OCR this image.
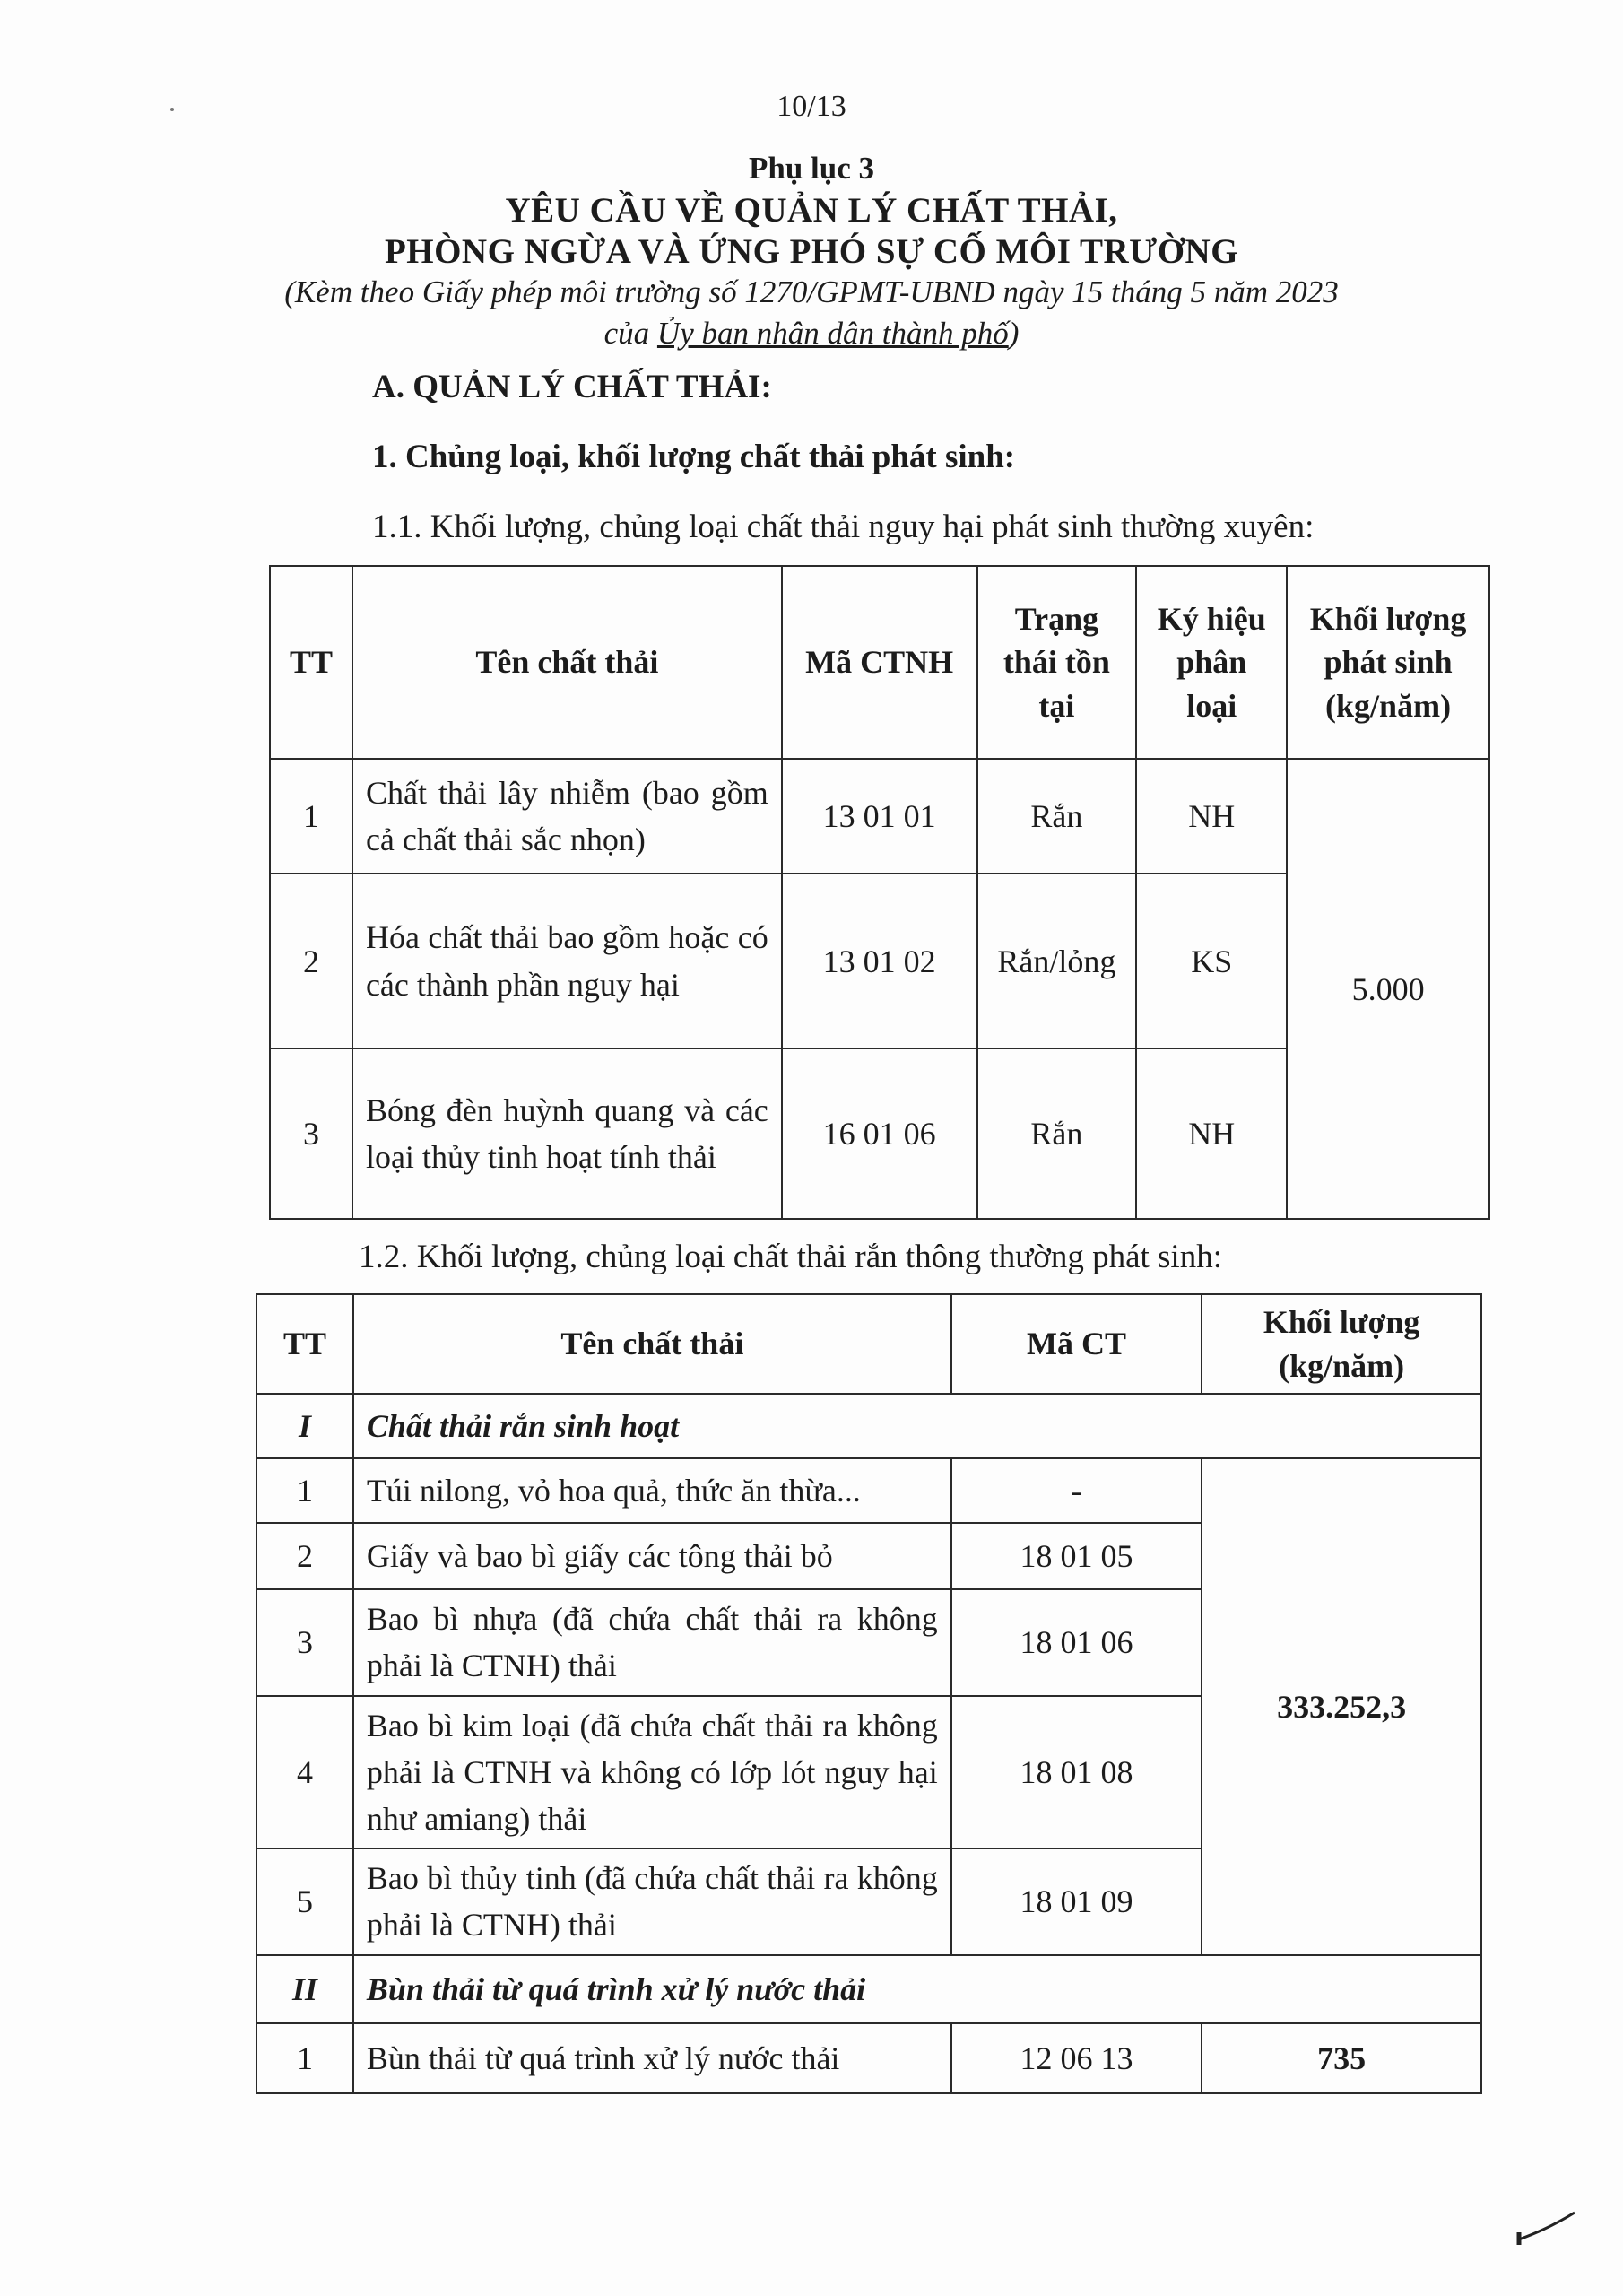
10/13
Phụ lục 3
YÊU CẦU VỀ QUẢN LÝ CHẤT THẢI,
PHÒNG NGỪA VÀ ỨNG PHÓ SỰ CỐ MÔI TRƯỜNG
(Kèm theo Giấy phép môi trường số 1270/GPMT-UBND ngày 15 tháng 5 năm 2023
của Ủy ban nhân dân thành phố)
A. QUẢN LÝ CHẤT THẢI:
1. Chủng loại, khối lượng chất thải phát sinh:
1.1. Khối lượng, chủng loại chất thải nguy hại phát sinh thường xuyên:
TT	Tên chất thải	Mã CTNH	Trạng thái tồn tại	Ký hiệu phân loại	Khối lượng phát sinh (kg/năm)
1	Chất thải lây nhiễm (bao gồm cả chất thải sắc nhọn)	13 01 01	Rắn	NH	5.000
2	Hóa chất thải bao gồm hoặc có các thành phần nguy hại	13 01 02	Rắn/lỏng	KS	
3	Bóng đèn huỳnh quang và các loại thủy tinh hoạt tính thải	16 01 06	Rắn	NH	
1.2. Khối lượng, chủng loại chất thải rắn thông thường phát sinh:
TT	Tên chất thải	Mã CT	Khối lượng (kg/năm)
I	Chất thải rắn sinh hoạt		
1	Túi nilong, vỏ hoa quả, thức ăn thừa...	-	333.252,3
2	Giấy và bao bì giấy các tông thải bỏ	18 01 05	
3	Bao bì nhựa (đã chứa chất thải ra không phải là CTNH) thải	18 01 06	
4	Bao bì kim loại (đã chứa chất thải ra không phải là CTNH và không có lớp lót nguy hại như amiang) thải	18 01 08	
5	Bao bì thủy tinh (đã chứa chất thải ra không phải là CTNH) thải	18 01 09	
II	Bùn thải từ quá trình xử lý nước thải		
1	Bùn thải từ quá trình xử lý nước thải	12 06 13	735
